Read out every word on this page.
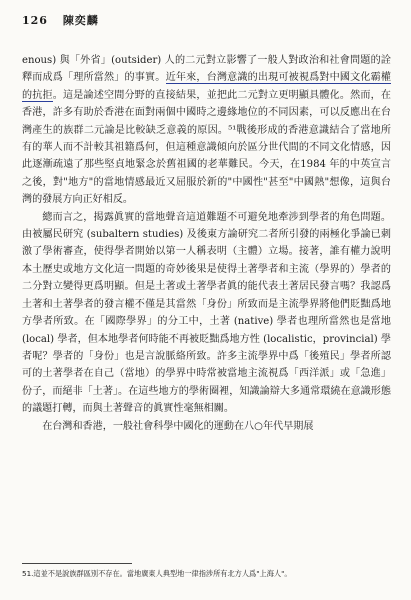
126 陳奕麟

enous) 與「外省」(outsider) 人的二元對立影響了一般人對政治和社會問題的詮釋而成爲「理所當然」的事實。近年來，台灣意識的出現可被視爲對中國文化霸權的抗拒。這是論述空間分野的直接結果，並把此二元對立更明顯具體化。然而，在香港，許多有助於香港在面對兩個中國時之邊緣地位的不同因素，可以反應出在台灣產生的族群二元論是比較缺乏意義的原因。⁵¹戰後形成的香港意識結合了當地所有的華人而不計較其祖籍爲何，但這種意識傾向於區分世代間的不同文化情感，因此逐漸疏遠了那些堅貞地緊念於舊祖國的老華難民。今天，在1984 年的中英宣言之後，對"地方"的當地情感最近又屈服於新的"中國性"甚至"中國熱"想像，這與台灣的發展方向正好相反。

總而言之，揭露眞實的當地聲音這道難題不可避免地牽涉到學者的角色問題。由被屬民研究 (subaltern studies) 及後東方論研究二者所引發的兩極化爭論已刺激了學術審查，使得學者開始以第一人稱表明（主體）立場。接著，誰有權力說明本土歷史或地方文化這一問題的奇妙後果是使得土著學者和主流（學界的）學者的二分對立變得更爲明顯。但是土著或土著學者眞的能代表土著居民發言嗎？我認爲土著和土著學者的發言權不僅是其當然「身份」所致而是主流學界將他們貶黜爲地方學者所致。在「國際學界」的分工中，土著 (native) 學者也理所當然也是當地 (local) 學者，但本地學者何時能不再被貶黜爲地方性 (localistic，provincial) 學者呢？學者的「身份」也是言說脈絡所致。許多主流學界中爲「後殖民」學者所認可的土著學者在自己（當地）的學界中時常被當地主流視爲「西洋派」或「急進」份子，而絕非「土著」。在這些地方的學術圈裡，知識論辯大多通常環繞在意識形態的議題打轉，而與土著聲音的眞實性毫無相關。

在台灣和香港，一般社會科學中國化的運動在八○年代早期展

51.這並不是說族群區別不存在。當地廣東人典型地一律指涉所有北方人爲"上海人"。
